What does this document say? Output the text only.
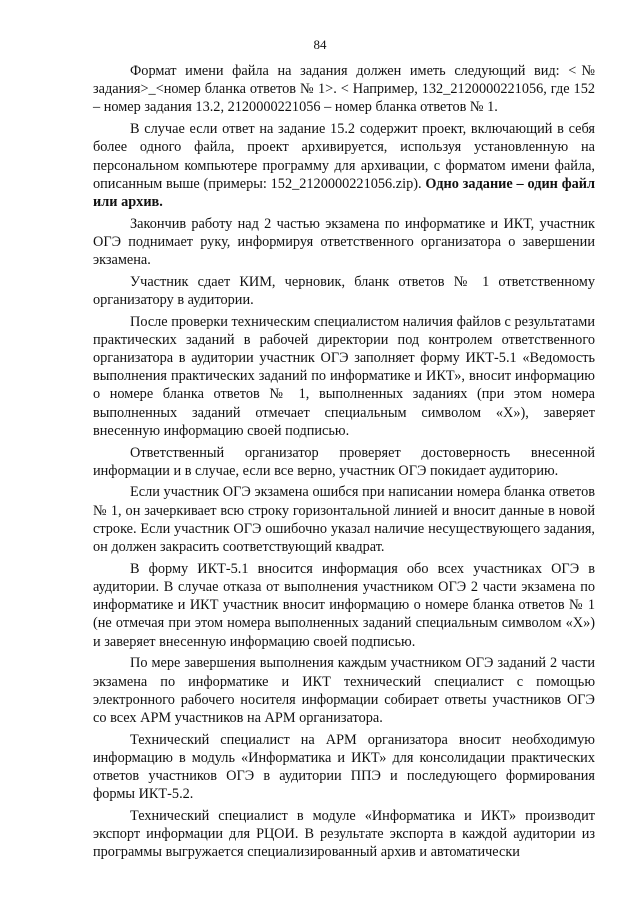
84

Формат имени файла на задания должен иметь следующий вид: <№ задания>_<номер бланка ответов № 1>. < Например, 132_2120000221056, где 152 – номер задания 13.2, 2120000221056 – номер бланка ответов № 1.

В случае если ответ на задание 15.2 содержит проект, включающий в себя более одного файла, проект архивируется, используя установленную на персональном компьютере программу для архивации, с форматом имени файла, описанным выше (примеры: 152_2120000221056.zip). Одно задание – один файл или архив.

Закончив работу над 2 частью экзамена по информатике и ИКТ, участник ОГЭ поднимает руку, информируя ответственного организатора о завершении экзамена.

Участник сдает КИМ, черновик, бланк ответов № 1 ответственному организатору в аудитории.

После проверки техническим специалистом наличия файлов с результатами практических заданий в рабочей директории под контролем ответственного организатора в аудитории участник ОГЭ заполняет форму ИКТ-5.1 «Ведомость выполнения практических заданий по информатике и ИКТ», вносит информацию о номере бланка ответов № 1, выполненных заданиях (при этом номера выполненных заданий отмечает специальным символом «X»), заверяет внесенную информацию своей подписью.

Ответственный организатор проверяет достоверность внесенной информации и в случае, если все верно, участник ОГЭ покидает аудиторию.

Если участник ОГЭ экзамена ошибся при написании номера бланка ответов № 1, он зачеркивает всю строку горизонтальной линией и вносит данные в новой строке. Если участник ОГЭ ошибочно указал наличие несуществующего задания, он должен закрасить соответствующий квадрат.

В форму ИКТ-5.1 вносится информация обо всех участниках ОГЭ в аудитории. В случае отказа от выполнения участником ОГЭ 2 части экзамена по информатике и ИКТ участник вносит информацию о номере бланка ответов № 1 (не отмечая при этом номера выполненных заданий специальным символом «X») и заверяет внесенную информацию своей подписью.

По мере завершения выполнения каждым участником ОГЭ заданий 2 части экзамена по информатике и ИКТ технический специалист с помощью электронного рабочего носителя информации собирает ответы участников ОГЭ со всех АРМ участников на АРМ организатора.

Технический специалист на АРМ организатора вносит необходимую информацию в модуль «Информатика и ИКТ» для консолидации практических ответов участников ОГЭ в аудитории ППЭ и последующего формирования формы ИКТ-5.2.

Технический специалист в модуле «Информатика и ИКТ» производит экспорт информации для РЦОИ. В результате экспорта в каждой аудитории из программы выгружается специализированный архив и автоматически
